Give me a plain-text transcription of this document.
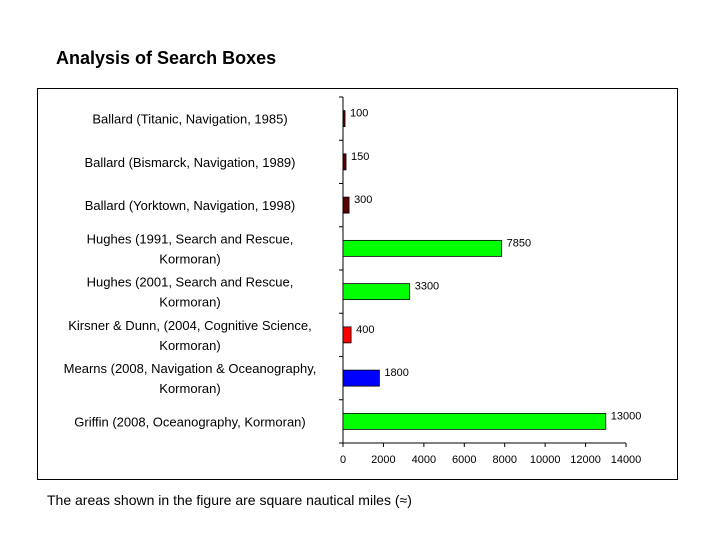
Analysis of Search Boxes
0 2000 4000 6000 8000 10000 12000 14000
100
Ballard (Titanic, Navigation, 1985)
150
Ballard (Bismarck, Navigation, 1989)
300
Ballard (Yorktown, Navigation, 1998)
7850
Hughes (1991, Search and Rescue, Kormoran)
3300
Hughes (2001, Search and Rescue, Kormoran)
400
Kirsner & Dunn, (2004, Cognitive Science, Kormoran)
1800
Mearns (2008, Navigation & Oceanography, Kormoran)
13000
Griffin (2008, Oceanography, Kormoran)
The areas shown in the figure are square nautical miles (≈)
